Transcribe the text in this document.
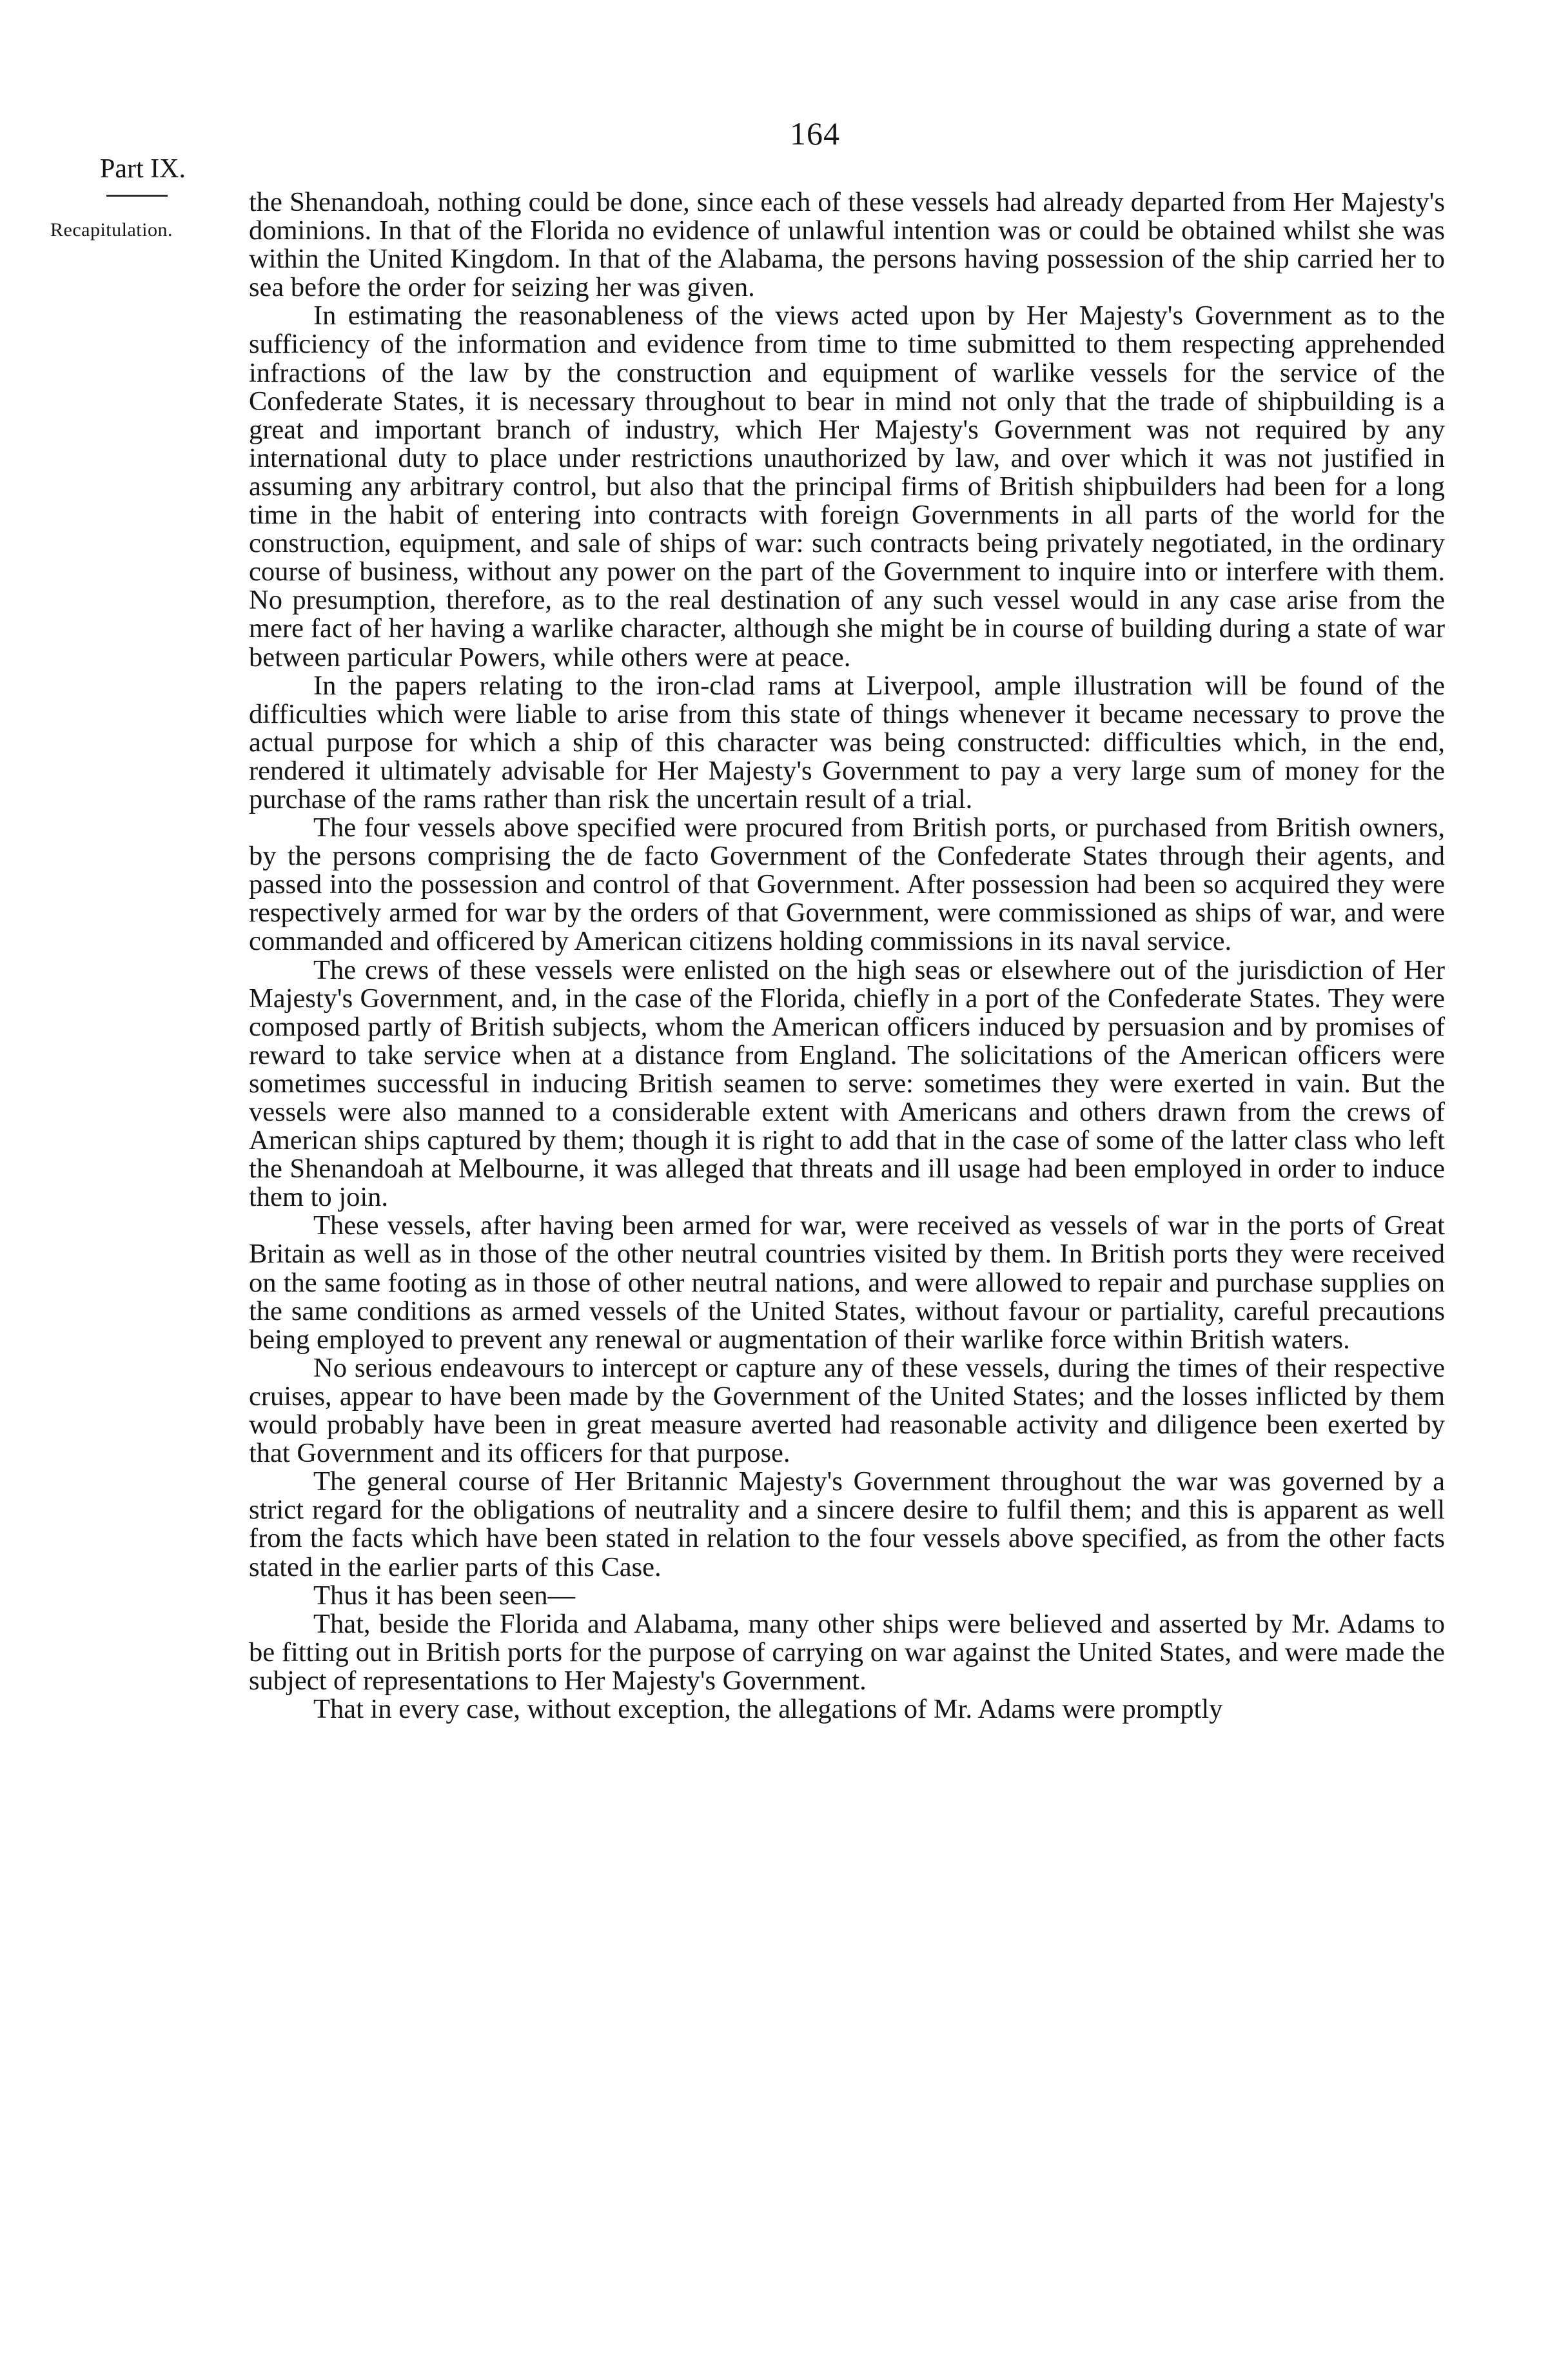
164
Part IX.
Recapitulation.

the Shenandoah, nothing could be done, since each of these vessels had already departed from Her Majesty's dominions. In that of the Florida no evidence of unlawful intention was or could be obtained whilst she was within the United Kingdom. In that of the Alabama, the persons having possession of the ship carried her to sea before the order for seizing her was given.

In estimating the reasonableness of the views acted upon by Her Majesty's Government as to the sufficiency of the information and evidence from time to time submitted to them respecting apprehended infractions of the law by the construction and equipment of warlike vessels for the service of the Confederate States, it is necessary throughout to bear in mind not only that the trade of shipbuilding is a great and important branch of industry, which Her Majesty's Government was not required by any international duty to place under restrictions unauthorized by law, and over which it was not justified in assuming any arbitrary control, but also that the principal firms of British shipbuilders had been for a long time in the habit of entering into contracts with foreign Governments in all parts of the world for the construction, equipment, and sale of ships of war: such contracts being privately negotiated, in the ordinary course of business, without any power on the part of the Government to inquire into or interfere with them. No presumption, therefore, as to the real destination of any such vessel would in any case arise from the mere fact of her having a warlike character, although she might be in course of building during a state of war between particular Powers, while others were at peace.

In the papers relating to the iron-clad rams at Liverpool, ample illustration will be found of the difficulties which were liable to arise from this state of things whenever it became necessary to prove the actual purpose for which a ship of this character was being constructed: difficulties which, in the end, rendered it ultimately advisable for Her Majesty's Government to pay a very large sum of money for the purchase of the rams rather than risk the uncertain result of a trial.

The four vessels above specified were procured from British ports, or purchased from British owners, by the persons comprising the de facto Government of the Confederate States through their agents, and passed into the possession and control of that Government. After possession had been so acquired they were respectively armed for war by the orders of that Government, were commissioned as ships of war, and were commanded and officered by American citizens holding commissions in its naval service.

The crews of these vessels were enlisted on the high seas or elsewhere out of the jurisdiction of Her Majesty's Government, and, in the case of the Florida, chiefly in a port of the Confederate States. They were composed partly of British subjects, whom the American officers induced by persuasion and by promises of reward to take service when at a distance from England. The solicitations of the American officers were sometimes successful in inducing British seamen to serve: sometimes they were exerted in vain. But the vessels were also manned to a considerable extent with Americans and others drawn from the crews of American ships captured by them; though it is right to add that in the case of some of the latter class who left the Shenandoah at Melbourne, it was alleged that threats and ill usage had been employed in order to induce them to join.

These vessels, after having been armed for war, were received as vessels of war in the ports of Great Britain as well as in those of the other neutral countries visited by them. In British ports they were received on the same footing as in those of other neutral nations, and were allowed to repair and purchase supplies on the same conditions as armed vessels of the United States, without favour or partiality, careful precautions being employed to prevent any renewal or augmentation of their warlike force within British waters.

No serious endeavours to intercept or capture any of these vessels, during the times of their respective cruises, appear to have been made by the Government of the United States; and the losses inflicted by them would probably have been in great measure averted had reasonable activity and diligence been exerted by that Government and its officers for that purpose.

The general course of Her Britannic Majesty's Government throughout the war was governed by a strict regard for the obligations of neutrality and a sincere desire to fulfil them; and this is apparent as well from the facts which have been stated in relation to the four vessels above specified, as from the other facts stated in the earlier parts of this Case.

Thus it has been seen—

That, beside the Florida and Alabama, many other ships were believed and asserted by Mr. Adams to be fitting out in British ports for the purpose of carrying on war against the United States, and were made the subject of representations to Her Majesty's Government.

That in every case, without exception, the allegations of Mr. Adams were promptly
